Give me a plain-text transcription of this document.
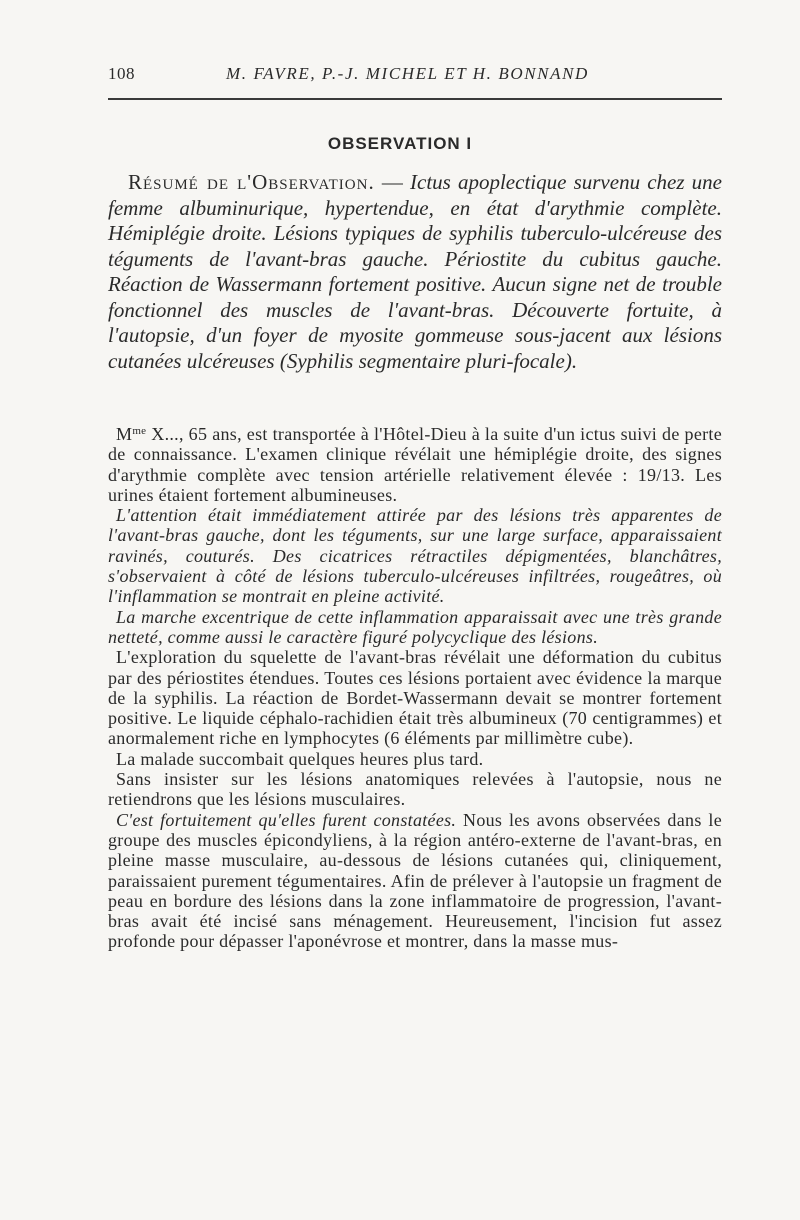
108	M. FAVRE, P.-J. MICHEL ET H. BONNAND
OBSERVATION I
Résumé de l'Observation. — Ictus apoplectique survenu chez une femme albuminurique, hypertendue, en état d'arythmie complète. Hémiplégie droite. Lésions typiques de syphilis tuberculo-ulcéreuse des téguments de l'avant-bras gauche. Périostite du cubitus gauche. Réaction de Wassermann fortement positive. Aucun signe net de trouble fonctionnel des muscles de l'avant-bras. Découverte fortuite, à l'autopsie, d'un foyer de myosite gommeuse sous-jacent aux lésions cutanées ulcéreuses (Syphilis segmentaire pluri-focale).

$M^{me}$ X..., 65 ans, est transportée à l'Hôtel-Dieu à la suite d'un ictus suivi de perte de connaissance. L'examen clinique révélait une hémiplégie droite, des signes d'arythmie complète avec tension artérielle relativement élevée : 19/13. Les urines étaient fortement albumineuses.

L'attention était immédiatement attirée par des lésions très apparentes de l'avant-bras gauche, dont les téguments, sur une large surface, apparaissaient ravinés, couturés. Des cicatrices rétractiles dépigmentées, blanchâtres, s'observaient à côté de lésions tuberculo-ulcéreuses infiltrées, rougeâtres, où l'inflammation se montrait en pleine activité.

La marche excentrique de cette inflammation apparaissait avec une très grande netteté, comme aussi le caractère figuré polycyclique des lésions.

L'exploration du squelette de l'avant-bras révélait une déformation du cubitus par des périostites étendues. Toutes ces lésions portaient avec évidence la marque de la syphilis. La réaction de Bordet-Wassermann devait se montrer fortement positive. Le liquide céphalo-rachidien était très albumineux (70 centigrammes) et anormalement riche en lymphocytes (6 éléments par millimètre cube).

La malade succombait quelques heures plus tard.

Sans insister sur les lésions anatomiques relevées à l'autopsie, nous ne retiendrons que les lésions musculaires.

C'est fortuitement qu'elles furent constatées. Nous les avons observées dans le groupe des muscles épicondyliens, à la région antéro-externe de l'avant-bras, en pleine masse musculaire, au-dessous de lésions cutanées qui, cliniquement, paraissaient purement tégumentaires. Afin de prélever à l'autopsie un fragment de peau en bordure des lésions dans la zone inflammatoire de progression, l'avant-bras avait été incisé sans ménagement. Heureusement, l'incision fut assez profonde pour dépasser l'aponévrose et montrer, dans la masse mus-
